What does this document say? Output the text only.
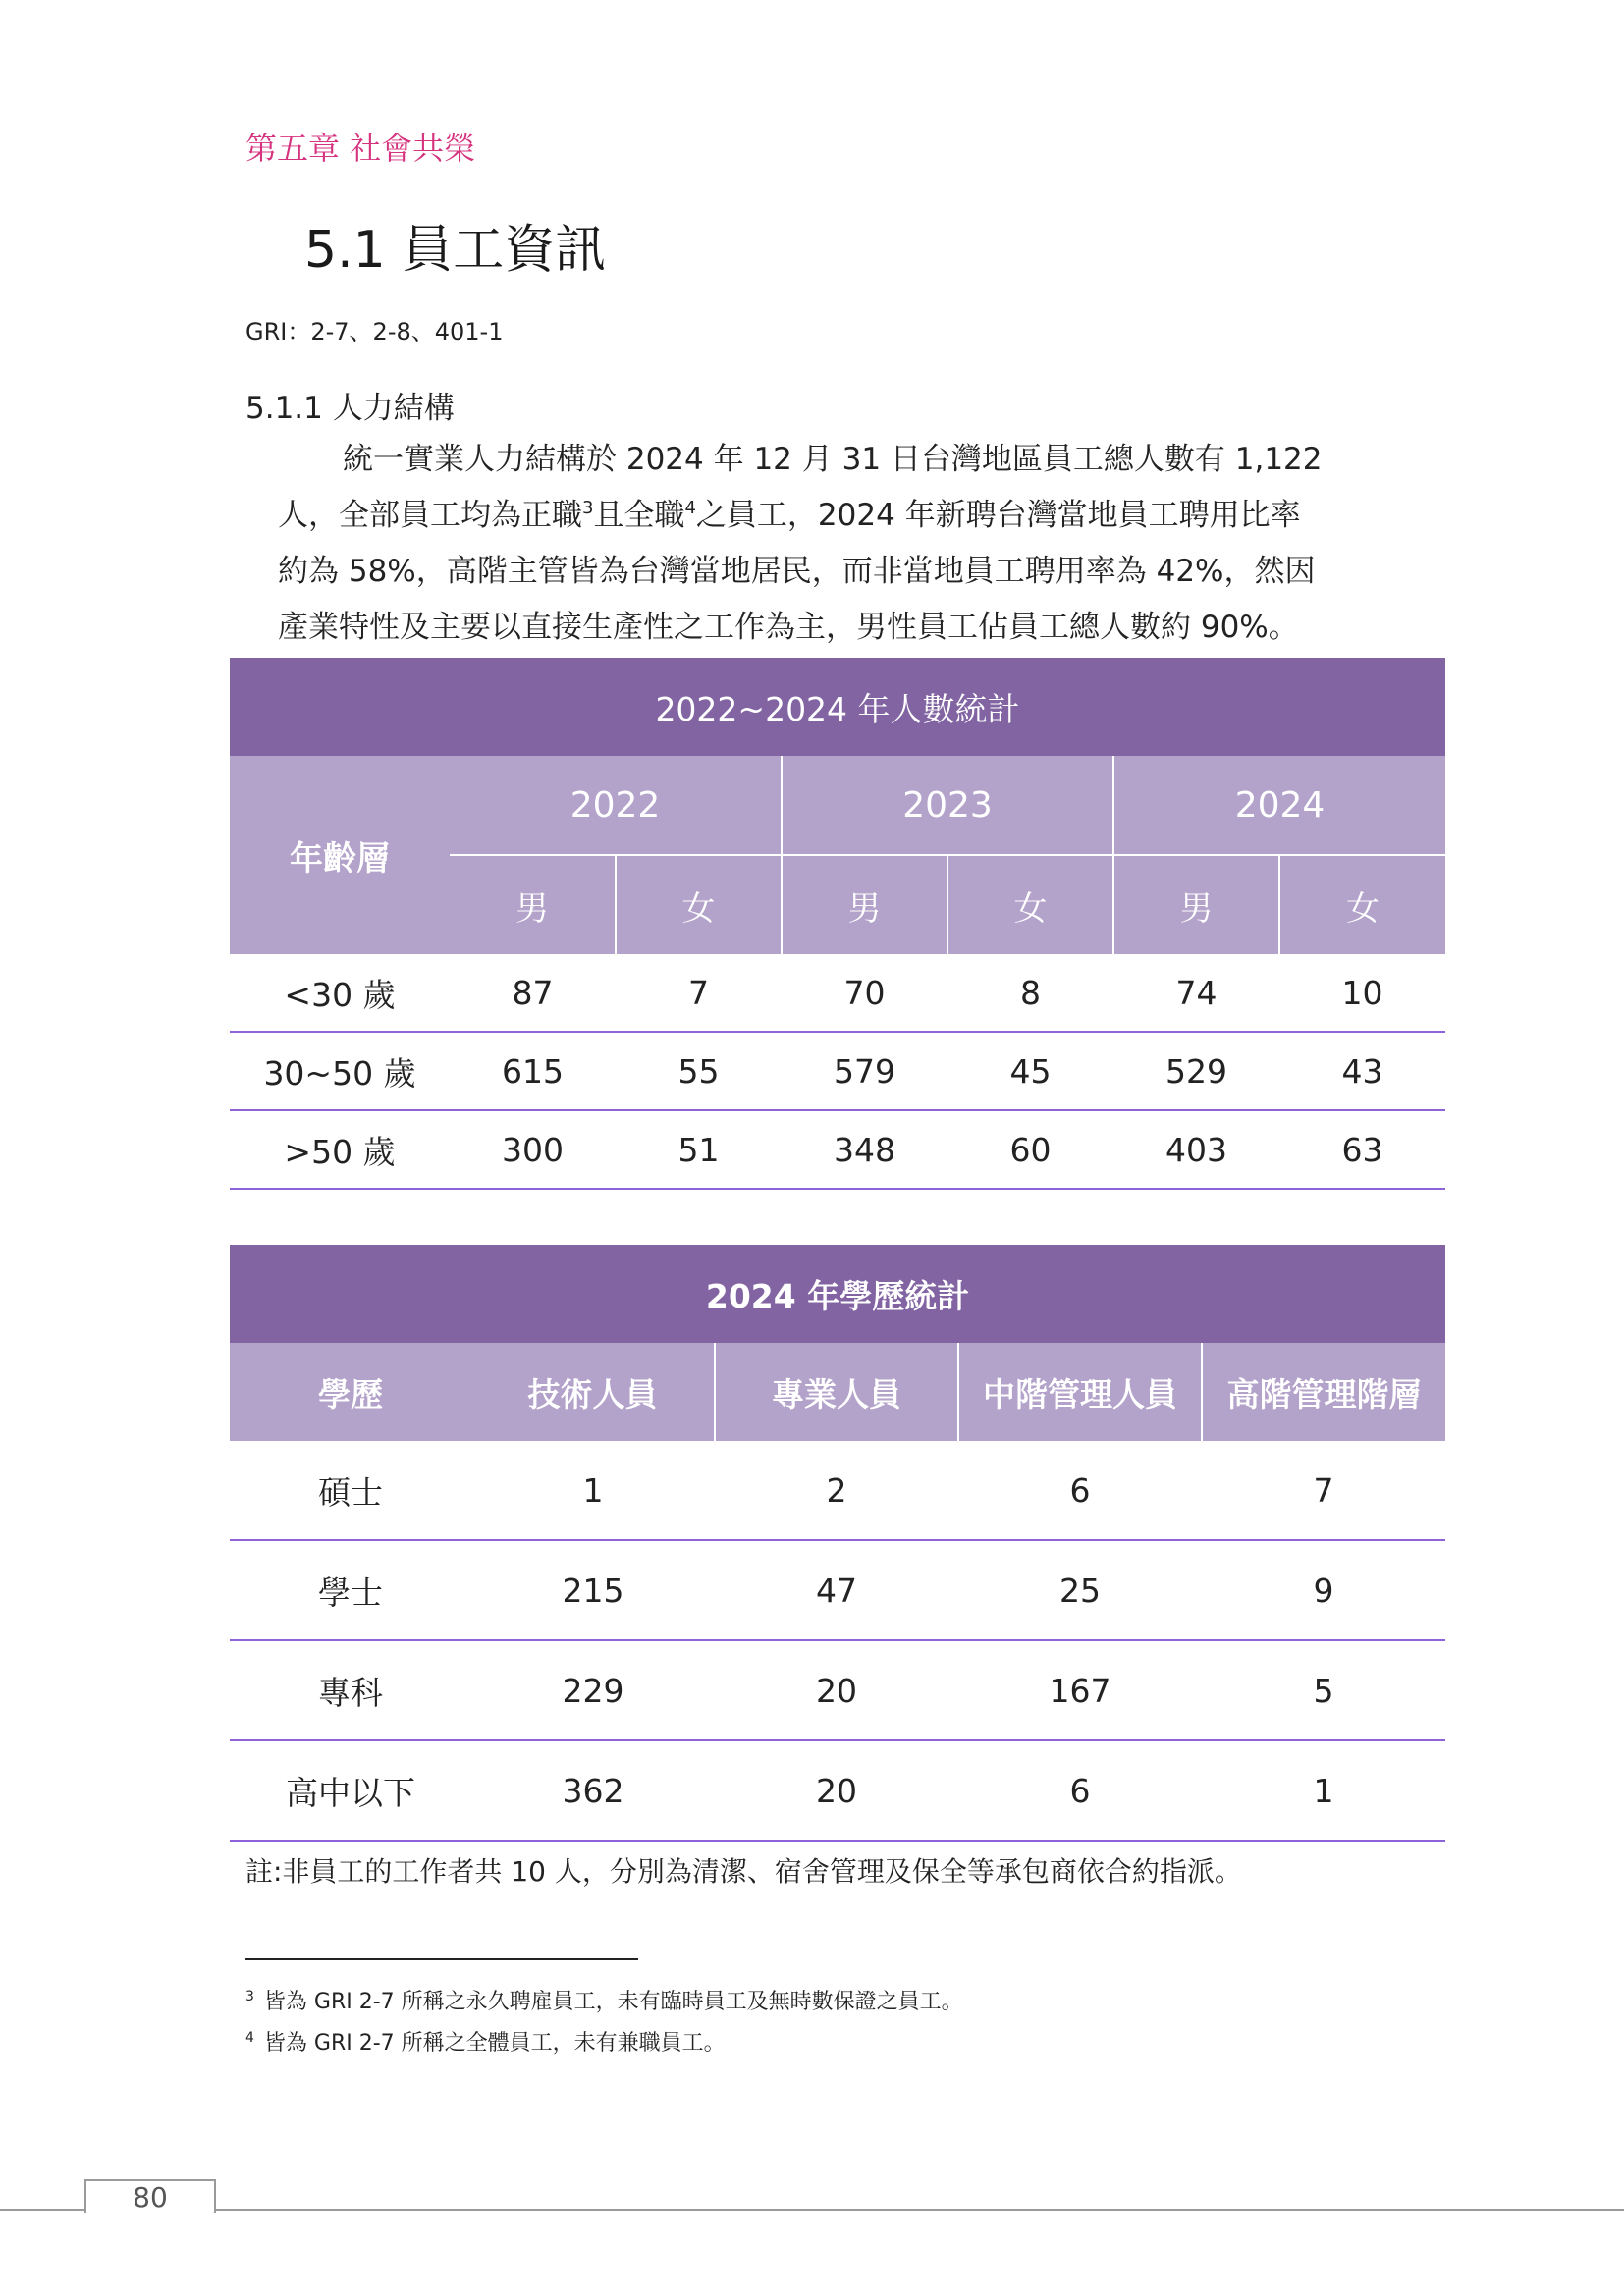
第五章 社會共榮
5.1 員工資訊
GRI：2-7、2-8、401-1
5.1.1 人力結構
統一實業人力結構於 2024 年 12 月 31 日台灣地區員工總人數有 1,122
人，全部員工均為正職$^3$且全職$^4$之員工，2024 年新聘台灣當地員工聘用比率
約為 58%，高階主管皆為台灣當地居民，而非當地員工聘用率為 42%，然因
產業特性及主要以直接生產性之工作為主，男性員工佔員工總人數約 90%。
2022~2024 年人數統計						
年齡層	2022		2023		2024	
	男	女	男	女	男	女
<30 歲	87	7	70	8	74	10
30~50 歲	615	55	579	45	529	43
>50 歲	300	51	348	60	403	63
2024 年學歷統計				
學歷	技術人員	專業人員	中階管理人員	高階管理階層
碩士	1	2	6	7
學士	215	47	25	9
專科	229	20	167	5
高中以下	362	20	6	1
註:非員工的工作者共 10 人，分別為清潔、宿舍管理及保全等承包商依合約指派。
$^3$ 皆為 GRI 2-7 所稱之永久聘雇員工，未有臨時員工及無時數保證之員工。
$^4$ 皆為 GRI 2-7 所稱之全體員工，未有兼職員工。
80
